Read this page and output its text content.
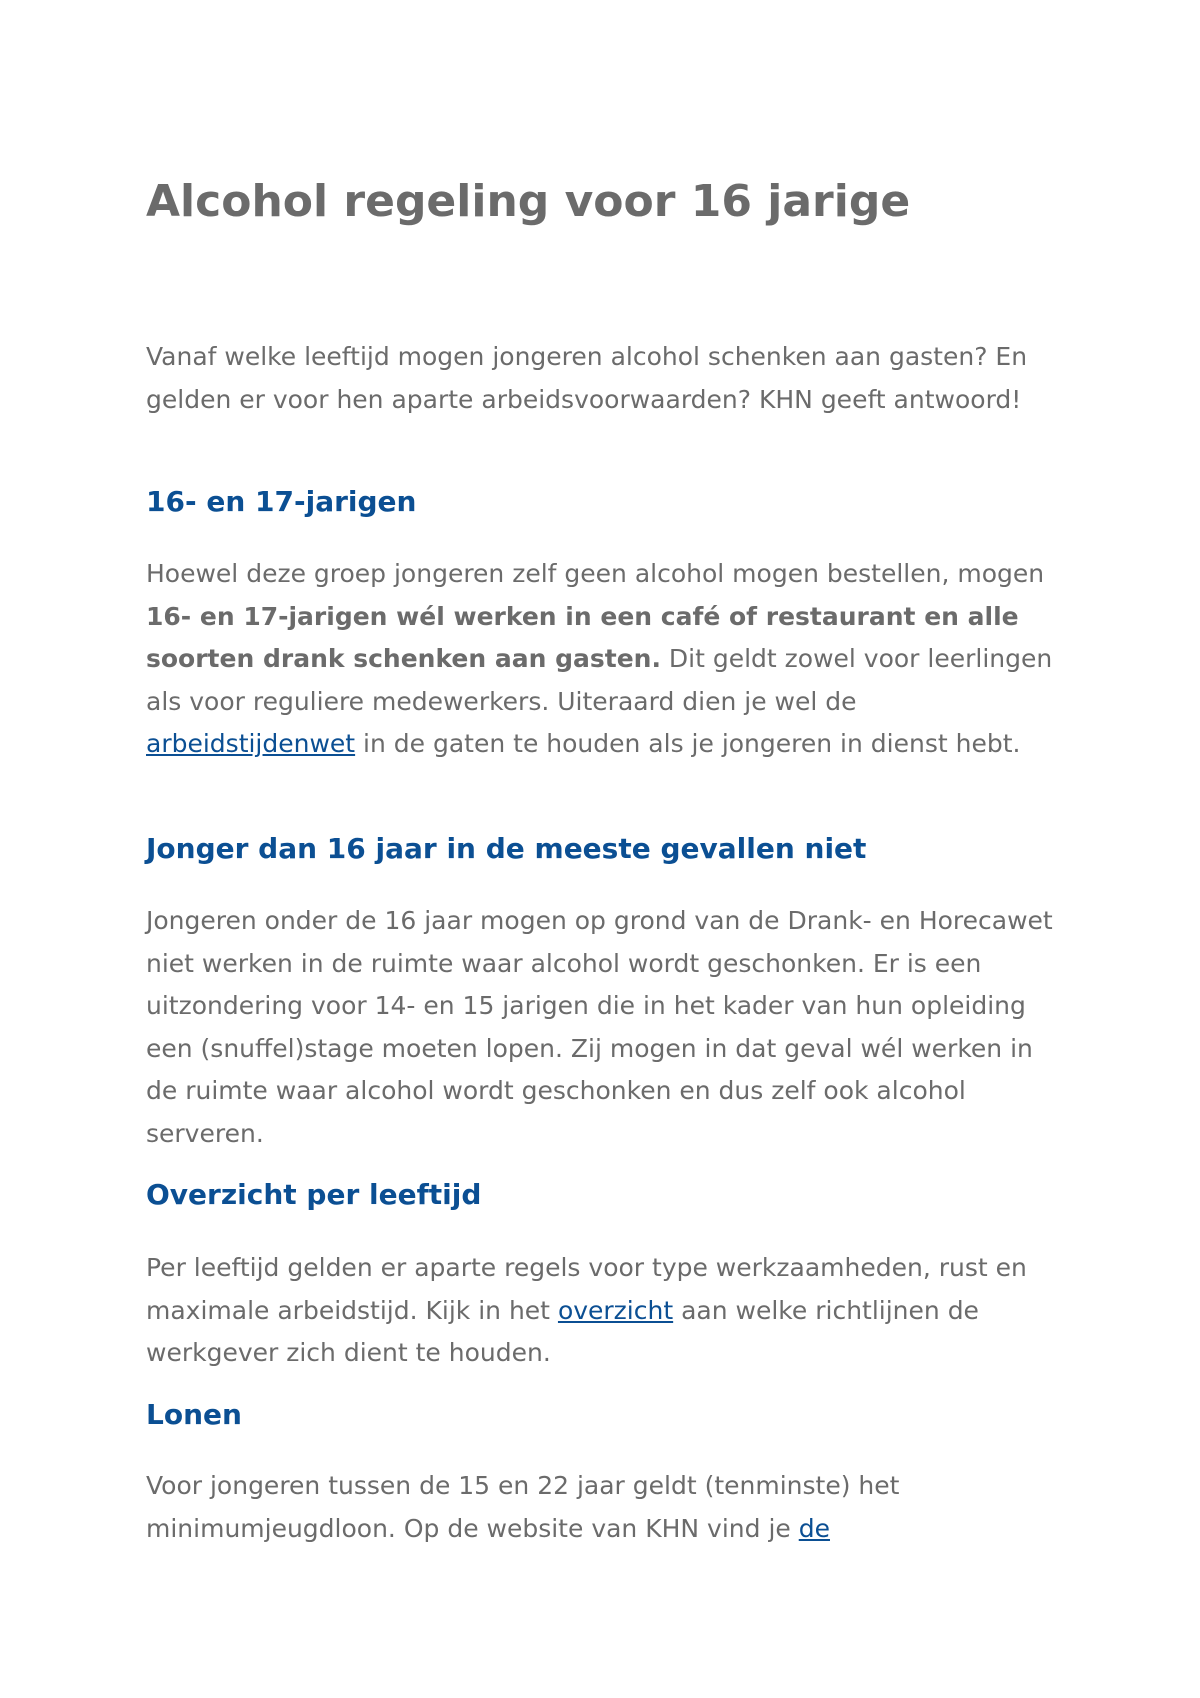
Alcohol regeling voor 16 jarige

Vanaf welke leeftijd mogen jongeren alcohol schenken aan gasten? En gelden er voor hen aparte arbeidsvoorwaarden? KHN geeft antwoord!

16- en 17-jarigen

Hoewel deze groep jongeren zelf geen alcohol mogen bestellen, mogen 16- en 17-jarigen wél werken in een café of restaurant en alle soorten drank schenken aan gasten. Dit geldt zowel voor leerlingen als voor reguliere medewerkers. Uiteraard dien je wel de arbeidstijdenwet in de gaten te houden als je jongeren in dienst hebt.

Jonger dan 16 jaar in de meeste gevallen niet

Jongeren onder de 16 jaar mogen op grond van de Drank- en Horecawet niet werken in de ruimte waar alcohol wordt geschonken. Er is een uitzondering voor 14- en 15 jarigen die in het kader van hun opleiding een (snuffel)stage moeten lopen. Zij mogen in dat geval wél werken in de ruimte waar alcohol wordt geschonken en dus zelf ook alcohol serveren.

Overzicht per leeftijd

Per leeftijd gelden er aparte regels voor type werkzaamheden, rust en maximale arbeidstijd. Kijk in het overzicht aan welke richtlijnen de werkgever zich dient te houden.

Lonen

Voor jongeren tussen de 15 en 22 jaar geldt (tenminste) het minimumjeugdloon. Op de website van KHN vind je de
